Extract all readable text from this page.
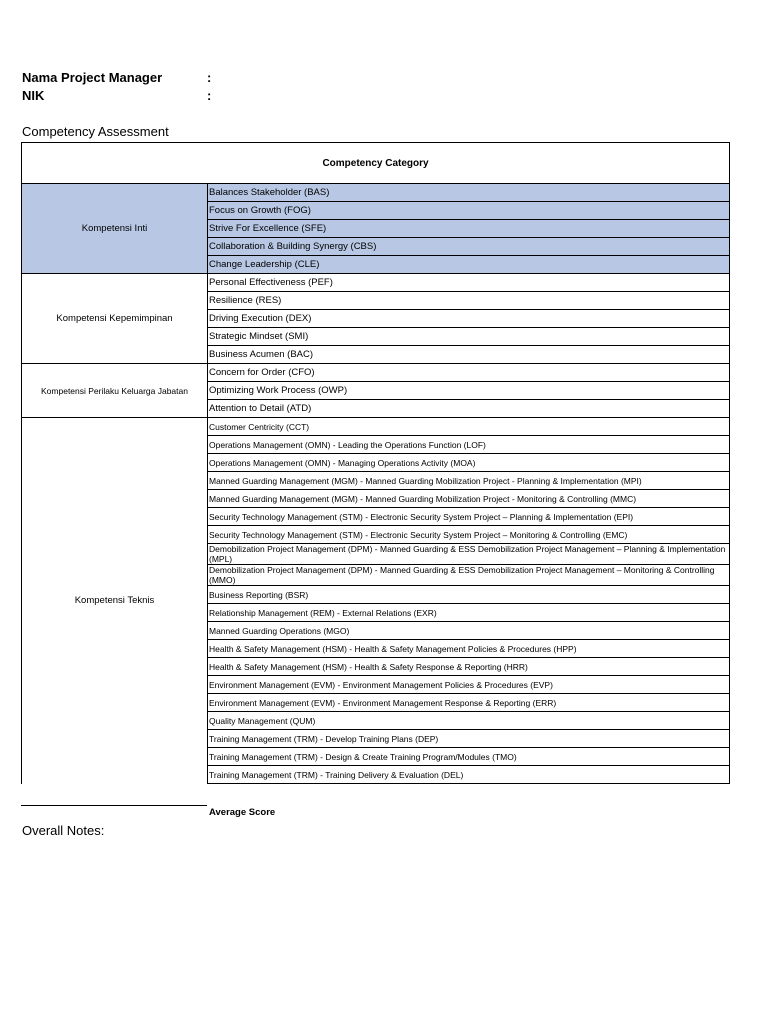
Nama Project Manager	:
NIK	:
Competency Assessment
Competency Category	
Kompetensi Inti	Balances Stakeholder (BAS)
	Focus on Growth (FOG)
	Strive For Excellence (SFE)
	Collaboration & Building Synergy (CBS)
	Change Leadership (CLE)
Kompetensi Kepemimpinan	Personal Effectiveness (PEF)
	Resilience (RES)
	Driving Execution (DEX)
	Strategic Mindset (SMI)
	Business Acumen (BAC)
Kompetensi Perilaku Keluarga Jabatan	Concern for Order (CFO)
	Optimizing Work Process (OWP)
	Attention to Detail (ATD)
Kompetensi Teknis	Customer Centricity (CCT)
	Operations Management (OMN) - Leading the Operations Function (LOF)
	Operations Management (OMN) - Managing Operations Activity (MOA)
	Manned Guarding Management (MGM) - Manned Guarding Mobilization Project - Planning & Implementation (MPI)
	Manned Guarding Management (MGM) - Manned Guarding Mobilization Project - Monitoring & Controlling (MMC)
	Security Technology Management (STM) - Electronic Security System Project – Planning & Implementation (EPI)
	Security Technology Management (STM) - Electronic Security System Project – Monitoring & Controlling (EMC)
	Demobilization Project Management (DPM) - Manned Guarding & ESS Demobilization Project Management – Planning & Implementation (MPL)
	Demobilization Project Management (DPM) - Manned Guarding & ESS Demobilization Project Management – Monitoring & Controlling (MMO)
	Business Reporting (BSR)
	Relationship Management (REM) - External Relations (EXR)
	Manned Guarding Operations (MGO)
	Health & Safety Management (HSM) - Health & Safety Management Policies & Procedures (HPP)
	Health & Safety Management (HSM) - Health & Safety Response & Reporting (HRR)
	Environment Management (EVM) - Environment Management Policies & Procedures (EVP)
	Environment Management (EVM) - Environment Management Response & Reporting (ERR)
	Quality Management (QUM)
	Training Management (TRM) - Develop Training Plans (DEP)
	Training Management (TRM) - Design & Create Training Program/Modules (TMO)
	Training Management (TRM) - Training Delivery & Evaluation (DEL)
Average Score
Overall Notes:
